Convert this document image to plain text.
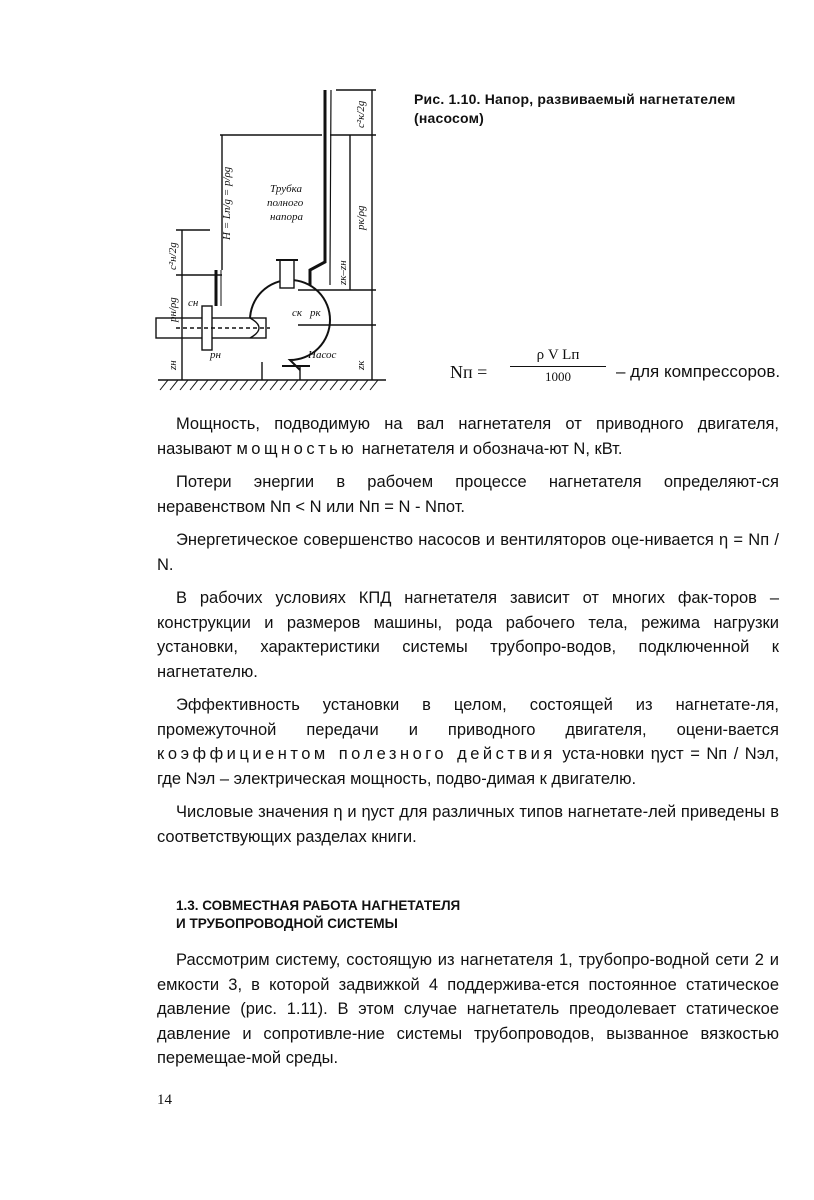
Трубка
полного
напора
Насос
pн
pк
cн
cк
zн	zк
pн/ρg
c²н/2g
H = Lп/g = p/ρg
zк–zн
pк/ρg
c²к/2g
Рис. 1.10. Напор, развиваемый нагнетателем (насосом)
Nп =
ρ V Lп
1000	– для компрессоров.

Мощность, подводимую на вал нагнетателя от приводного двигателя, называют мощностью нагнетателя и обознача-ют N, кВт.

Потери энергии в рабочем процессе нагнетателя определяют-ся неравенством Nп < N или Nп = N - Nпот.

Энергетическое совершенство насосов и вентиляторов оце-нивается η = Nп / N.

В рабочих условиях КПД нагнетателя зависит от многих фак-торов – конструкции и размеров машины, рода рабочего тела, режима нагрузки установки, характеристики системы трубопро-водов, подключенной к нагнетателю.

Эффективность установки в целом, состоящей из нагнетате-ля, промежуточной передачи и приводного двигателя, оцени-вается коэффициентом полезного действия уста-новки ηуст = Nп / Nэл, где Nэл – электрическая мощность, подво-димая к двигателю.

Числовые значения η и ηуст для различных типов нагнетате-лей приведены в соответствующих разделах книги.

1.3. СОВМЕСТНАЯ РАБОТА НАГНЕТАТЕЛЯ
И ТРУБОПРОВОДНОЙ СИСТЕМЫ

Рассмотрим систему, состоящую из нагнетателя 1, трубопро-водной сети 2 и емкости 3, в которой задвижкой 4 поддержива-ется постоянное статическое давление (рис. 1.11). В этом случае нагнетатель преодолевает статическое давление и сопротивле-ние системы трубопроводов, вызванное вязкостью перемещае-мой среды.

14
